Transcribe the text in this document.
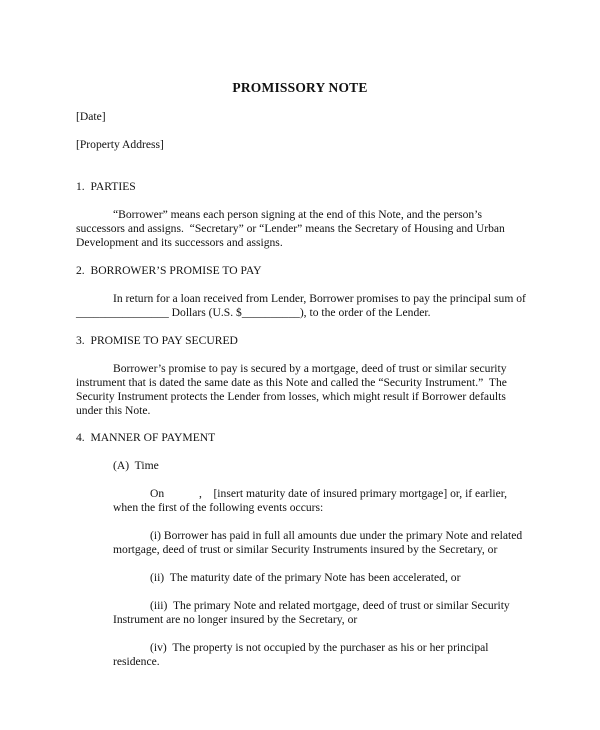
PROMISSORY NOTE
[Date]
[Property Address]
1.  PARTIES
“Borrower” means each person signing at the end of this Note, and the person’s
successors and assigns.  “Secretary” or “Lender” means the Secretary of Housing and Urban
Development and its successors and assigns.
2.  BORROWER’S PROMISE TO PAY
In return for a loan received from Lender, Borrower promises to pay the principal sum of
________________ Dollars (U.S. $__________), to the order of the Lender.
3.  PROMISE TO PAY SECURED
Borrower’s promise to pay is secured by a mortgage, deed of trust or similar security
instrument that is dated the same date as this Note and called the “Security Instrument.”  The
Security Instrument protects the Lender from losses, which might result if Borrower defaults
under this Note.
4.  MANNER OF PAYMENT
(A)  Time
On            ,    [insert maturity date of insured primary mortgage] or, if earlier,
when the first of the following events occurs:
(i) Borrower has paid in full all amounts due under the primary Note and related
mortgage, deed of trust or similar Security Instruments insured by the Secretary, or
(ii)  The maturity date of the primary Note has been accelerated, or
(iii)  The primary Note and related mortgage, deed of trust or similar Security
Instrument are no longer insured by the Secretary, or
(iv)  The property is not occupied by the purchaser as his or her principal
residence.
